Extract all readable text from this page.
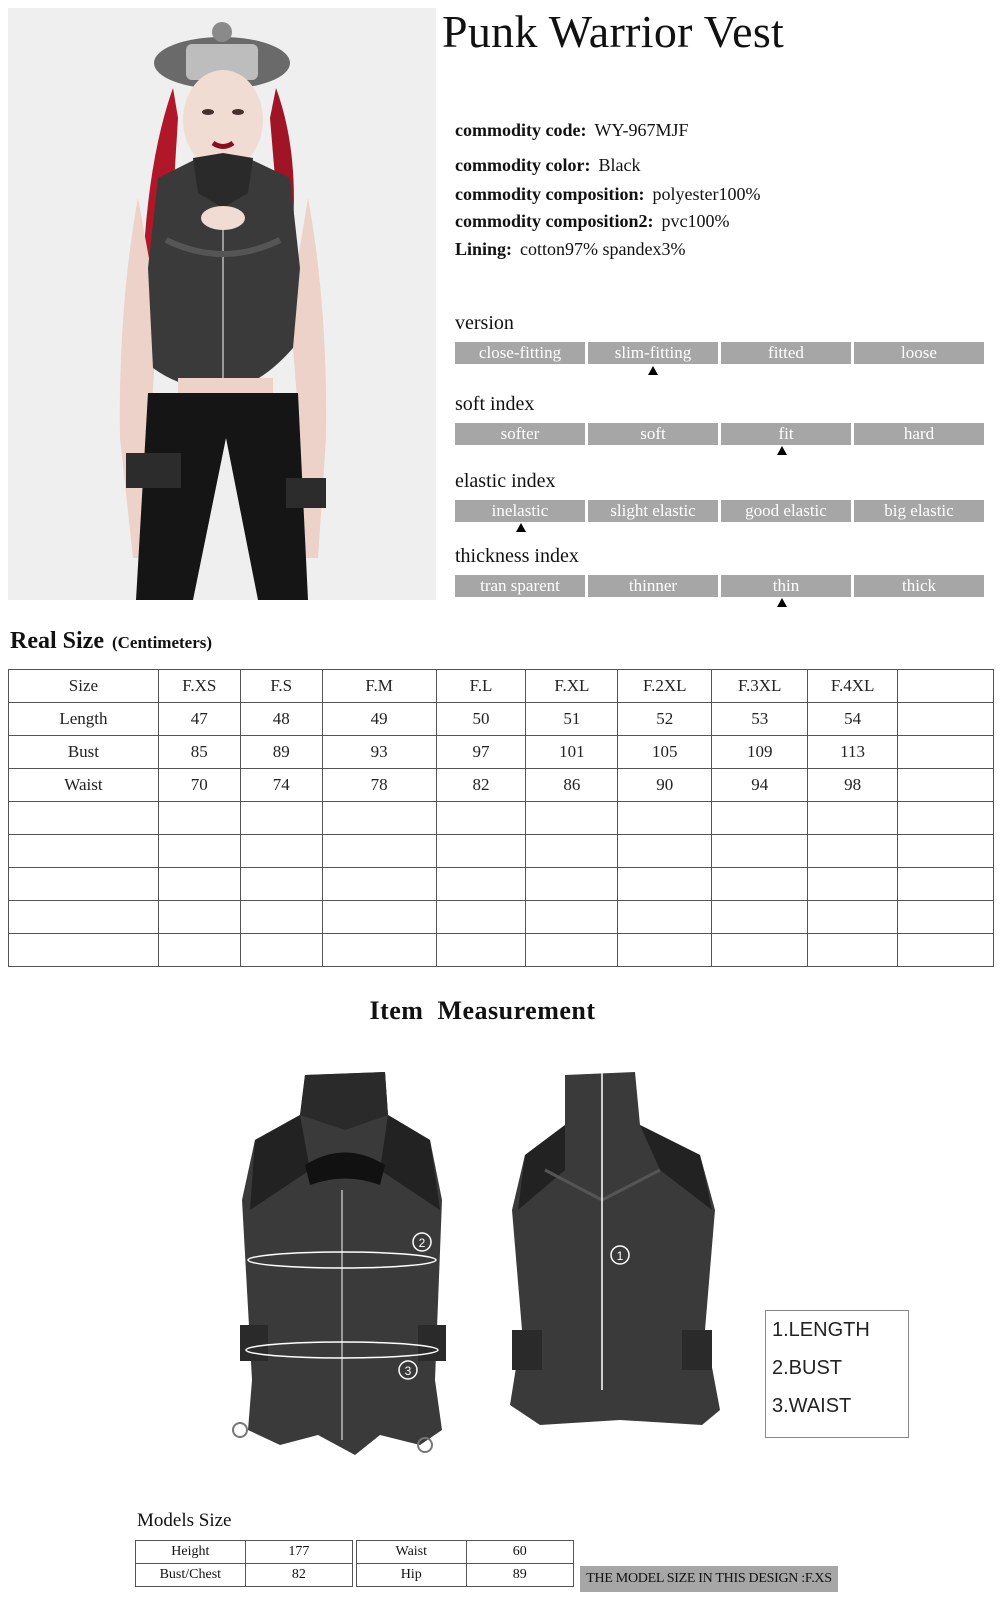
Punk Warrior Vest
commodity code: WY-967MJF
commodity color: Black
commodity composition: polyester100%
commodity composition2: pvc100%
Lining: cotton97% spandex3%
version
close-fitting	slim-fitting	fitted	loose
soft index
softer	soft	fit	hard
elastic index
inelastic	slight elastic	good elastic	big elastic
thickness index
tran sparent	thinner	thin	thick
Real Size (Centimeters)
Size	F.XS	F.S	F.M	F.L	F.XL	F.2XL	F.3XL	F.4XL	
Length	47	48	49	50	51	52	53	54	
Bust	85	89	93	97	101	105	109	113	
Waist	70	74	78	82	86	90	94	98	

Item  Measurement
1
2
3
1.LENGTH
2.BUST
3.WAIST
Models Size
Height	177
Bust/Chest	82
Waist	60
Hip	89	THE MODEL SIZE IN THIS DESIGN :F.XS
